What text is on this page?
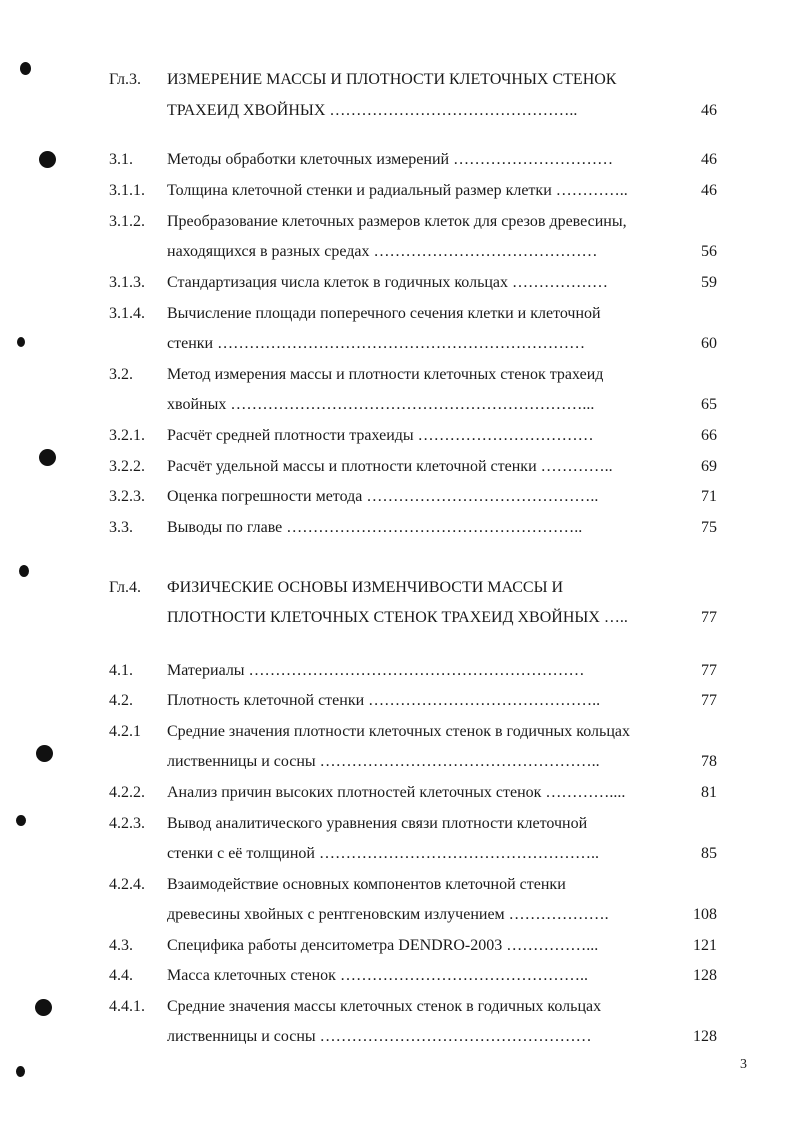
Гл.3. ИЗМЕРЕНИЕ МАССЫ И ПЛОТНОСТИ КЛЕТОЧНЫХ СТЕНОК
ТРАХЕИД ХВОЙНЫХ ………………………………………..	46
3.1. Методы обработки клеточных измерений …………………………	46
3.1.1. Толщина клеточной стенки и радиальный размер клетки …………..	46
3.1.2. Преобразование клеточных размеров клеток для срезов древесины,
находящихся в разных средах ……………………………………	56
3.1.3. Стандартизация числа клеток в годичных кольцах ………………	59
3.1.4. Вычисление площади поперечного сечения клетки и клеточной
стенки ……………………………………………………………	60
3.2. Метод измерения массы и плотности клеточных стенок трахеид
хвойных …………………………………………………………...	65
3.2.1. Расчёт средней плотности трахеиды ……………………………	66
3.2.2. Расчёт удельной массы и плотности клеточной стенки …………..	69
3.2.3. Оценка погрешности метода ……………………………………..	71
3.3. Выводы по главе ………………………………………………..	75
Гл.4. ФИЗИЧЕСКИЕ ОСНОВЫ ИЗМЕНЧИВОСТИ МАССЫ И
ПЛОТНОСТИ КЛЕТОЧНЫХ СТЕНОК ТРАХЕИД ХВОЙНЫХ …..	77
4.1. Материалы ………………………………………………………	77
4.2. Плотность клеточной стенки ……………………………………..	77
4.2.1 Средние значения плотности клеточных стенок в годичных кольцах
лиственницы и сосны ……………………………………………..	78
4.2.2. Анализ причин высоких плотностей клеточных стенок …………....	81
4.2.3. Вывод аналитического уравнения связи плотности клеточной
стенки с её толщиной ……………………………………………..	85
4.2.4. Взаимодействие основных компонентов клеточной стенки
древесины хвойных с рентгеновским излучением ……………….	108
4.3. Специфика работы денситометра DENDRO-2003 ……………...	121
4.4. Масса клеточных стенок ………………………………………..	128
4.4.1. Средние значения массы клеточных стенок в годичных кольцах
лиственницы и сосны ……………………………………………	128
3
